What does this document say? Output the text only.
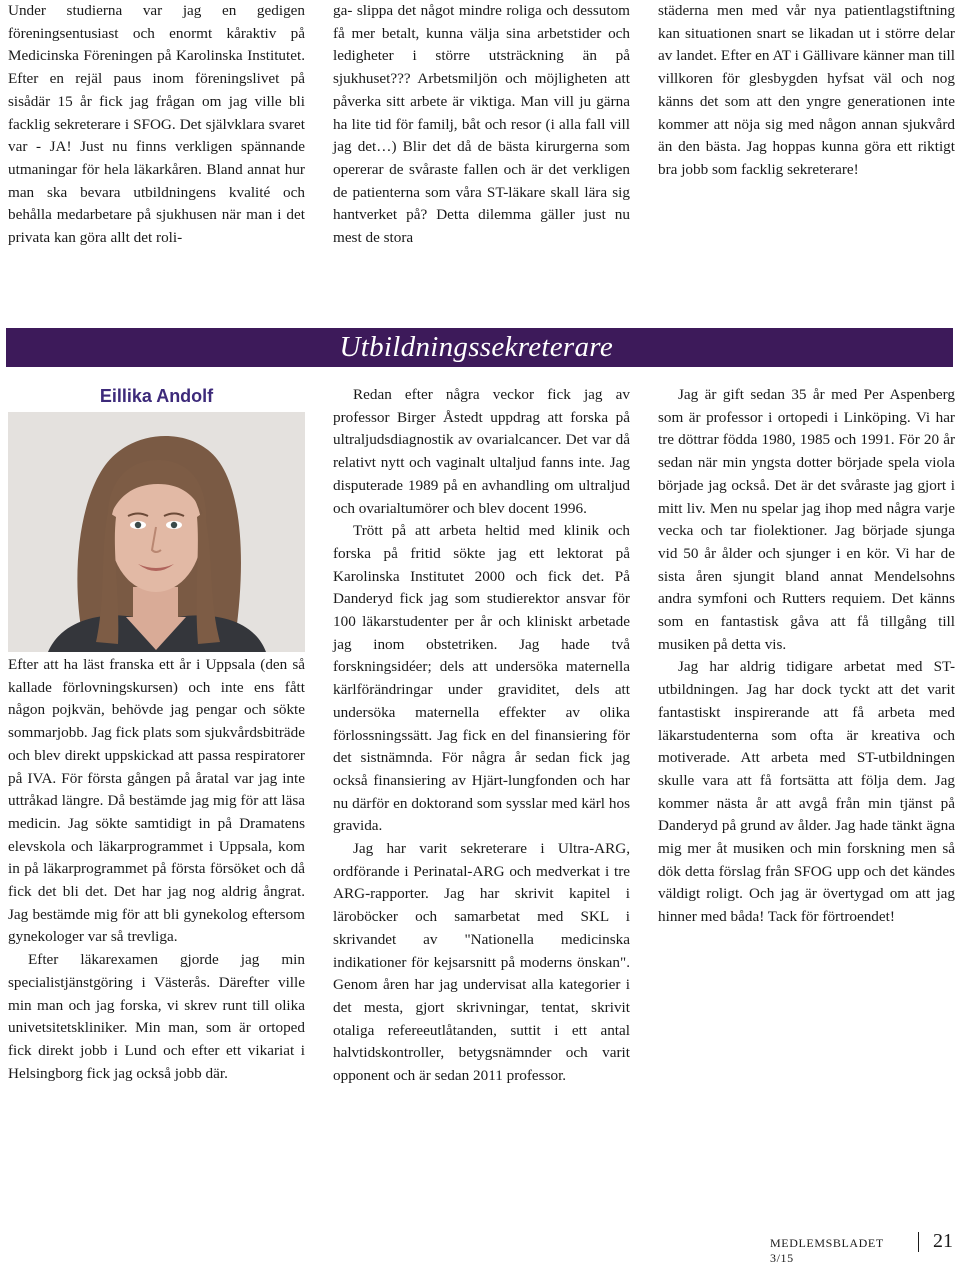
Under studierna var jag en gedigen föreningsentusiast och enormt kåraktiv på Medicinska Föreningen på Karolinska Institutet. Efter en rejäl paus inom föreningslivet på sisådär 15 år fick jag frågan om jag ville bli facklig sekreterare i SFOG. Det självklara svaret var - JA! Just nu finns verkligen spännande utmaningar för hela läkarkåren. Bland annat hur man ska bevara utbildningens kvalité och behålla medarbetare på sjukhusen när man i det privata kan göra allt det roli-

ga- slippa det något mindre roliga och dessutom få mer betalt, kunna välja sina arbetstider och ledigheter i större utsträckning än på sjukhuset??? Arbetsmiljön och möjligheten att påverka sitt arbete är viktiga. Man vill ju gärna ha lite tid för familj, båt och resor (i alla fall vill jag det…) Blir det då de bästa kirurgerna som opererar de svåraste fallen och är det verkligen de patienterna som våra ST-läkare skall lära sig hantverket på? Detta dilemma gäller just nu mest de stora

städerna men med vår nya patientlagstiftning kan situationen snart se likadan ut i större delar av landet. Efter en AT i Gällivare känner man till villkoren för glesbygden hyfsat väl och nog känns det som att den yngre generationen inte kommer att nöja sig med någon annan sjukvård än den bästa. Jag hoppas kunna göra ett riktigt bra jobb som facklig sekreterare!

Utbildningssekreterare
Eillika Andolf

Efter att ha läst franska ett år i Uppsala (den så kallade förlovningskursen) och inte ens fått någon pojkvän, behövde jag pengar och sökte sommarjobb. Jag fick plats som sjukvårdsbiträde och blev direkt uppskickad att passa respiratorer på IVA. För första gången på åratal var jag inte uttråkad längre. Då bestämde jag mig för att läsa medicin. Jag sökte samtidigt in på Dramatens elevskola och läkarprogrammet i Uppsala, kom in på läkarprogrammet på första försöket och då fick det bli det. Det har jag nog aldrig ångrat. Jag bestämde mig för att bli gynekolog eftersom gynekologer var så trevliga.

Efter läkarexamen gjorde jag min specialistjänstgöring i Västerås. Därefter ville min man och jag forska, vi skrev runt till olika univetsitetskliniker. Min man, som är ortoped fick direkt jobb i Lund och efter ett vikariat i Helsingborg fick jag också jobb där.

Redan efter några veckor fick jag av professor Birger Åstedt uppdrag att forska på ultraljudsdiagnostik av ovarialcancer. Det var då relativt nytt och vaginalt ultaljud fanns inte. Jag disputerade 1989 på en avhandling om ultraljud och ovarialtumörer och blev docent 1996.

Trött på att arbeta heltid med klinik och forska på fritid sökte jag ett lektorat på Karolinska Institutet 2000 och fick det. På Danderyd fick jag som studierektor ansvar för 100 läkarstudenter per år och kliniskt arbetade jag inom obstetriken. Jag hade två forskningsidéer; dels att undersöka maternella kärlförändringar under graviditet, dels att undersöka maternella effekter av olika förlossningssätt. Jag fick en del finansiering för det sistnämnda. För några år sedan fick jag också finansiering av Hjärt-lungfonden och har nu därför en doktorand som sysslar med kärl hos gravida.

Jag har varit sekreterare i Ultra-ARG, ordförande i Perinatal-ARG och medverkat i tre ARG-rapporter. Jag har skrivit kapitel i läroböcker och samarbetat med SKL i skrivandet av "Nationella medicinska indikationer för kejsarsnitt på moderns önskan". Genom åren har jag undervisat alla kategorier i det mesta, gjort skrivningar, tentat, skrivit otaliga refereeutlåtanden, suttit i ett antal halvtidskontroller, betygsnämnder och varit opponent och är sedan 2011 professor.

Jag är gift sedan 35 år med Per Aspenberg som är professor i ortopedi i Linköping. Vi har tre döttrar födda 1980, 1985 och 1991. För 20 år sedan när min yngsta dotter började spela viola började jag också. Det är det svåraste jag gjort i mitt liv. Men nu spelar jag ihop med några varje vecka och tar fiolektioner. Jag började sjunga vid 50 år ålder och sjunger i en kör. Vi har de sista åren sjungit bland annat Mendelsohns andra symfoni och Rutters requiem. Det känns som en fantastisk gåva att få tillgång till musiken på detta vis.

Jag har aldrig tidigare arbetat med ST-utbildningen. Jag har dock tyckt att det varit fantastiskt inspirerande att få arbeta med läkarstudenterna som ofta är kreativa och motiverade. Att arbeta med ST-utbildningen skulle vara att få fortsätta att följa dem. Jag kommer nästa år att avgå från min tjänst på Danderyd på grund av ålder. Jag hade tänkt ägna mig mer åt musiken och min forskning men så dök detta förslag från SFOG upp och det kändes väldigt roligt. Och jag är övertygad om att jag hinner med båda! Tack för förtroendet!

MEDLEMSBLADET 3/15
21
